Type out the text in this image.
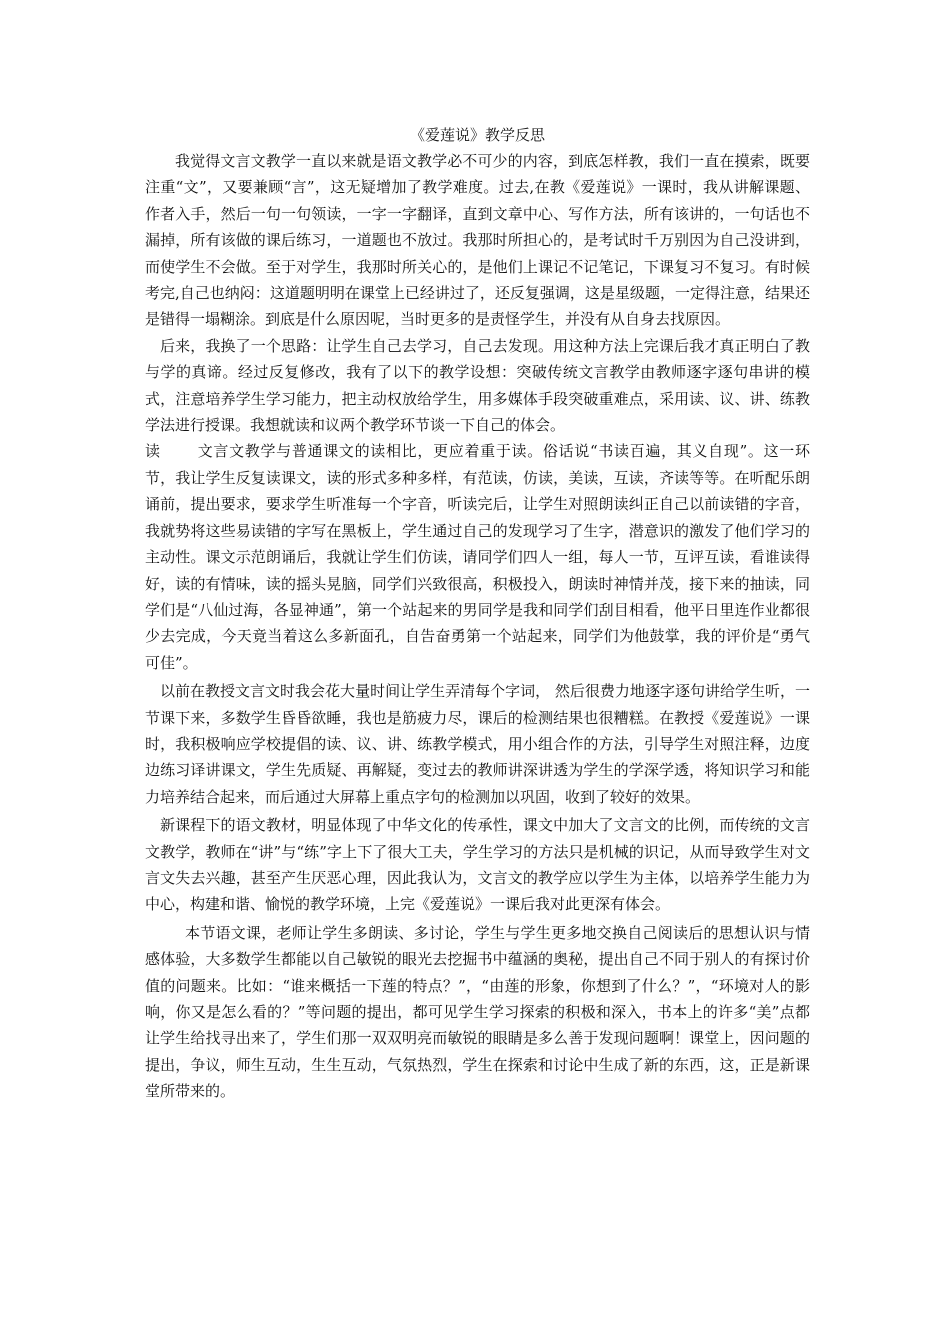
《爱莲说》教学反思

我觉得文言文教学一直以来就是语文教学必不可少的内容，到底怎样教，我们一直在摸索，既要注重“文”，又要兼顾“言”，这无疑增加了教学难度。过去,在教《爱莲说》一课时，我从讲解课题、作者入手，然后一句一句领读，一字一字翻译，直到文章中心、写作方法，所有该讲的，一句话也不漏掉，所有该做的课后练习，一道题也不放过。我那时所担心的，是考试时千万别因为自己没讲到，而使学生不会做。至于对学生，我那时所关心的，是他们上课记不记笔记，下课复习不复习。有时候考完,自己也纳闷：这道题明明在课堂上已经讲过了，还反复强调，这是星级题，一定得注意，结果还是错得一塌糊涂。到底是什么原因呢，当时更多的是责怪学生，并没有从自身去找原因。

后来，我换了一个思路：让学生自己去学习，自己去发现。用这种方法上完课后我才真正明白了教与学的真谛。经过反复修改，我有了以下的教学设想：突破传统文言教学由教师逐字逐句串讲的模式，注意培养学生学习能力，把主动权放给学生，用多媒体手段突破重难点，采用读、议、讲、练教学法进行授课。我想就读和议两个教学环节谈一下自己的体会。

读 文言文教学与普通课文的读相比，更应着重于读。俗话说“书读百遍，其义自现”。这一环节，我让学生反复读课文，读的形式多种多样，有范读，仿读，美读，互读，齐读等等。在听配乐朗诵前，提出要求，要求学生听准每一个字音，听读完后，让学生对照朗读纠正自己以前读错的字音，我就势将这些易读错的字写在黑板上，学生通过自己的发现学习了生字，潜意识的激发了他们学习的主动性。课文示范朗诵后，我就让学生们仿读，请同学们四人一组，每人一节，互评互读，看谁读得好，读的有情味，读的摇头晃脑，同学们兴致很高，积极投入，朗读时神情并茂，接下来的抽读，同学们是“八仙过海，各显神通”，第一个站起来的男同学是我和同学们刮目相看，他平日里连作业都很少去完成，今天竟当着这么多新面孔，自告奋勇第一个站起来，同学们为他鼓掌，我的评价是“勇气可佳”。

以前在教授文言文时我会花大量时间让学生弄清每个字词， 然后很费力地逐字逐句讲给学生听，一节课下来，多数学生昏昏欲睡，我也是筋疲力尽，课后的检测结果也很糟糕。在教授《爱莲说》一课时，我积极响应学校提倡的读、议、讲、练教学模式，用小组合作的方法，引导学生对照注释，边度边练习译讲课文，学生先质疑、再解疑，变过去的教师讲深讲透为学生的学深学透，将知识学习和能力培养结合起来，而后通过大屏幕上重点字句的检测加以巩固，收到了较好的效果。

新课程下的语文教材，明显体现了中华文化的传承性，课文中加大了文言文的比例，而传统的文言文教学，教师在“讲”与“练”字上下了很大工夫，学生学习的方法只是机械的识记，从而导致学生对文言文失去兴趣，甚至产生厌恶心理，因此我认为，文言文的教学应以学生为主体，以培养学生能力为中心，构建和谐、愉悦的教学环境，上完《爱莲说》一课后我对此更深有体会。

本节语文课，老师让学生多朗读、多讨论，学生与学生更多地交换自己阅读后的思想认识与情感体验，大多数学生都能以自己敏锐的眼光去挖掘书中蕴涵的奥秘，提出自己不同于别人的有探讨价值的问题来。比如：“谁来概括一下莲的特点？”，“由莲的形象，你想到了什么？”，“环境对人的影响，你又是怎么看的？”等问题的提出，都可见学生学习探索的积极和深入，书本上的许多“美”点都让学生给找寻出来了，学生们那一双双明亮而敏锐的眼睛是多么善于发现问题啊！课堂上，因问题的提出，争议，师生互动，生生互动，气氛热烈，学生在探索和讨论中生成了新的东西，这，正是新课堂所带来的。
